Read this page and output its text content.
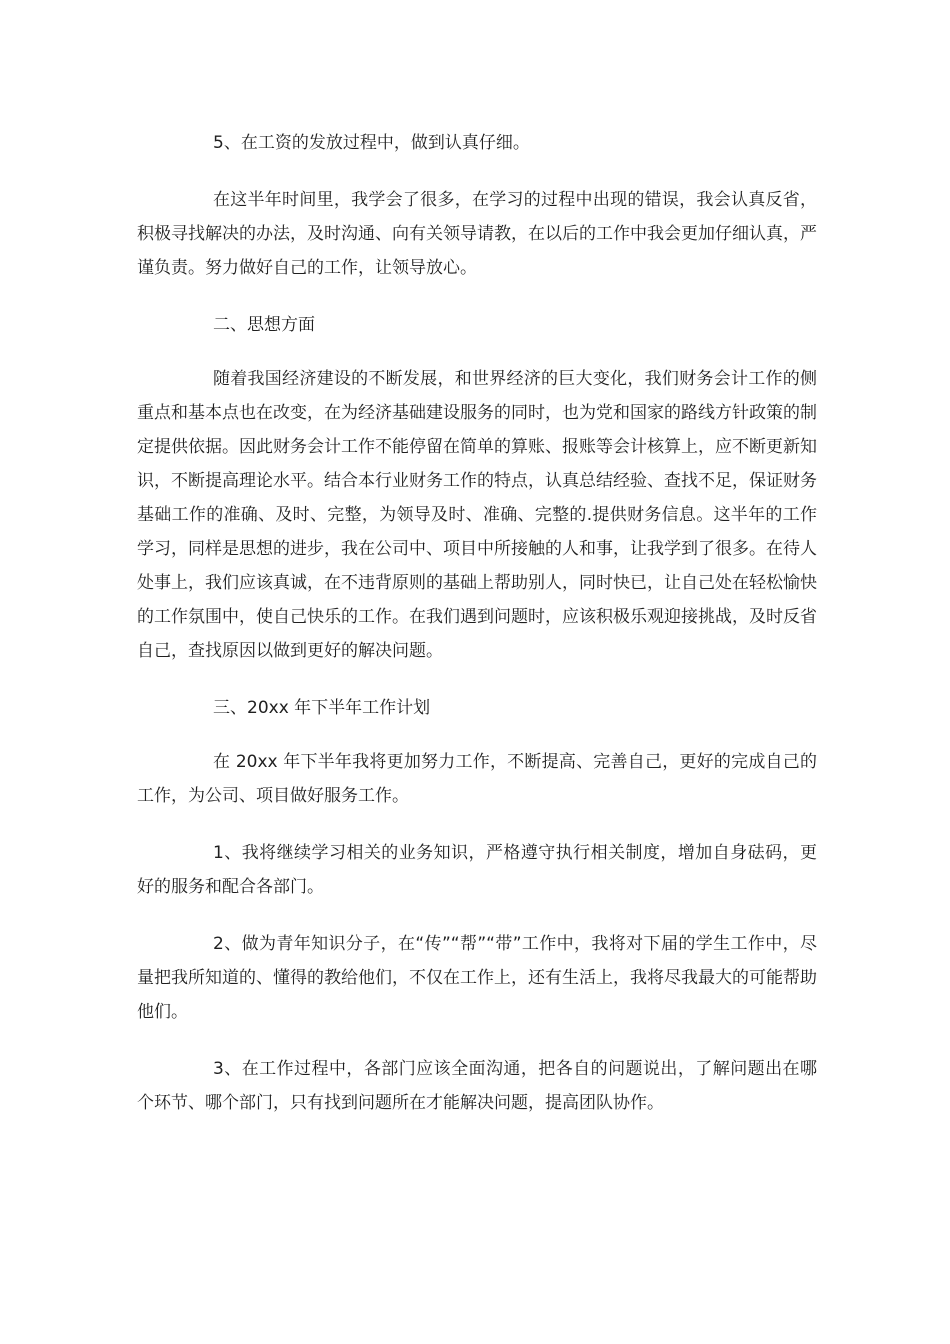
5、在工资的发放过程中，做到认真仔细。

在这半年时间里，我学会了很多，在学习的过程中出现的错误，我会认真反省，积极寻找解决的办法，及时沟通、向有关领导请教，在以后的工作中我会更加仔细认真，严谨负责。努力做好自己的工作，让领导放心。

二、思想方面

随着我国经济建设的不断发展，和世界经济的巨大变化，我们财务会计工作的侧重点和基本点也在改变，在为经济基础建设服务的同时，也为党和国家的路线方针政策的制定提供依据。因此财务会计工作不能停留在简单的算账、报账等会计核算上，应不断更新知识，不断提高理论水平。结合本行业财务工作的特点，认真总结经验、查找不足，保证财务基础工作的准确、及时、完整，为领导及时、准确、完整的.提供财务信息。这半年的工作学习，同样是思想的进步，我在公司中、项目中所接触的人和事，让我学到了很多。在待人处事上，我们应该真诚，在不违背原则的基础上帮助别人，同时快已，让自己处在轻松愉快的工作氛围中，使自己快乐的工作。在我们遇到问题时，应该积极乐观迎接挑战，及时反省自己，查找原因以做到更好的解决问题。

三、20xx 年下半年工作计划

在 20xx 年下半年我将更加努力工作，不断提高、完善自己，更好的完成自己的工作，为公司、项目做好服务工作。

1、我将继续学习相关的业务知识，严格遵守执行相关制度，增加自身砝码，更好的服务和配合各部门。

2、做为青年知识分子，在“传”“帮”“带”工作中，我将对下届的学生工作中，尽量把我所知道的、懂得的教给他们，不仅在工作上，还有生活上，我将尽我最大的可能帮助他们。

3、在工作过程中，各部门应该全面沟通，把各自的问题说出，了解问题出在哪个环节、哪个部门，只有找到问题所在才能解决问题，提高团队协作。
